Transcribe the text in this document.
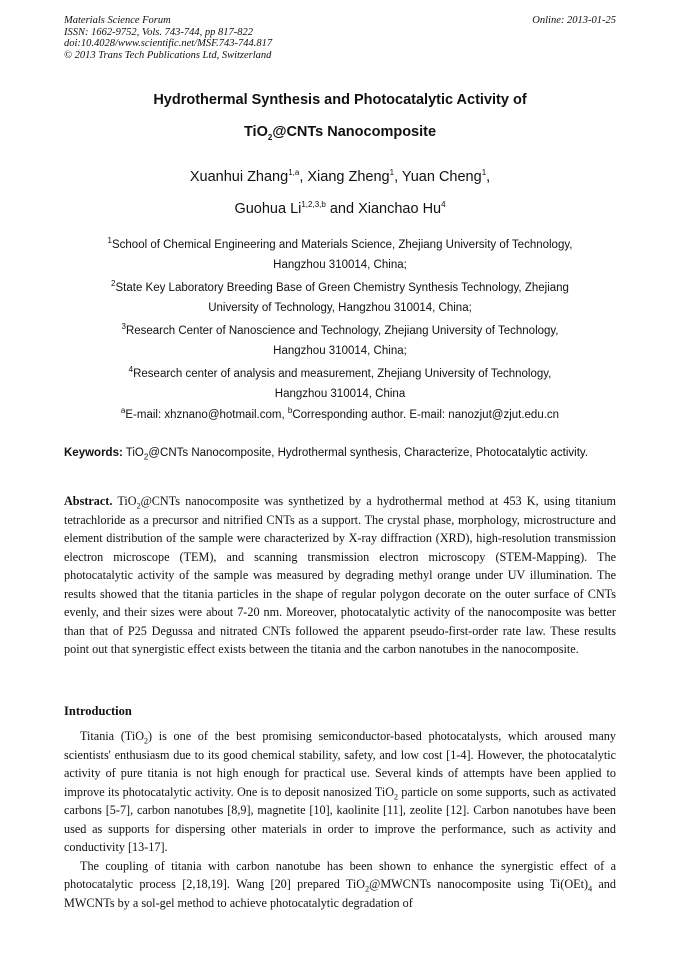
Materials Science Forum
ISSN: 1662-9752, Vols. 743-744, pp 817-822
doi:10.4028/www.scientific.net/MSF.743-744.817
© 2013 Trans Tech Publications Ltd, Switzerland
Online: 2013-01-25
Hydrothermal Synthesis and Photocatalytic Activity of
TiO$_2$@CNTs Nanocomposite
Xuanhui Zhang$^{1,a}$, Xiang Zheng$^1$, Yuan Cheng$^1$,
Guohua Li$^{1,2,3,b}$ and Xianchao Hu$^4$
$^1$School of Chemical Engineering and Materials Science, Zhejiang University of Technology,
Hangzhou 310014, China;
$^2$State Key Laboratory Breeding Base of Green Chemistry Synthesis Technology, Zhejiang
University of Technology, Hangzhou 310014, China;
$^3$Research Center of Nanoscience and Technology, Zhejiang University of Technology,
Hangzhou 310014, China;
$^4$Research center of analysis and measurement, Zhejiang University of Technology,
Hangzhou 310014, China
$^a$E-mail: xhznano@hotmail.com, $^b$Corresponding author. E-mail: nanozjut@zjut.edu.cn
Keywords: TiO$_2$@CNTs Nanocomposite, Hydrothermal synthesis, Characterize, Photocatalytic activity.
Abstract. TiO$_2$@CNTs nanocomposite was synthetized by a hydrothermal method at 453 K, using titanium tetrachloride as a precursor and nitrified CNTs as a support. The crystal phase, morphology, microstructure and element distribution of the sample were characterized by X-ray diffraction (XRD), high-resolution transmission electron microscope (TEM), and scanning transmission electron microscopy (STEM-Mapping). The photocatalytic activity of the sample was measured by degrading methyl orange under UV illumination. The results showed that the titania particles in the shape of regular polygon decorate on the outer surface of CNTs evenly, and their sizes were about 7-20 nm. Moreover, photocatalytic activity of the nanocomposite was better than that of P25 Degussa and nitrated CNTs followed the apparent pseudo-first-order rate law. These results point out that synergistic effect exists between the titania and the carbon nanotubes in the nanocomposite.
Introduction
Titania (TiO$_2$) is one of the best promising semiconductor-based photocatalysts, which aroused many scientists' enthusiasm due to its good chemical stability, safety, and low cost [1-4]. However, the photocatalytic activity of pure titania is not high enough for practical use. Several kinds of attempts have been applied to improve its photocatalytic activity. One is to deposit nanosized TiO$_2$ particle on some supports, such as activated carbons [5-7], carbon nanotubes [8,9], magnetite [10], kaolinite [11], zeolite [12]. Carbon nanotubes have been used as supports for dispersing other materials in order to improve the performance, such as activity and conductivity [13-17].
The coupling of titania with carbon nanotube has been shown to enhance the synergistic effect of a photocatalytic process [2,18,19]. Wang [20] prepared TiO$_2$@MWCNTs nanocomposite using $Ti(OEt)_4$ and MWCNTs by a sol-gel method to achieve photocatalytic degradation of
